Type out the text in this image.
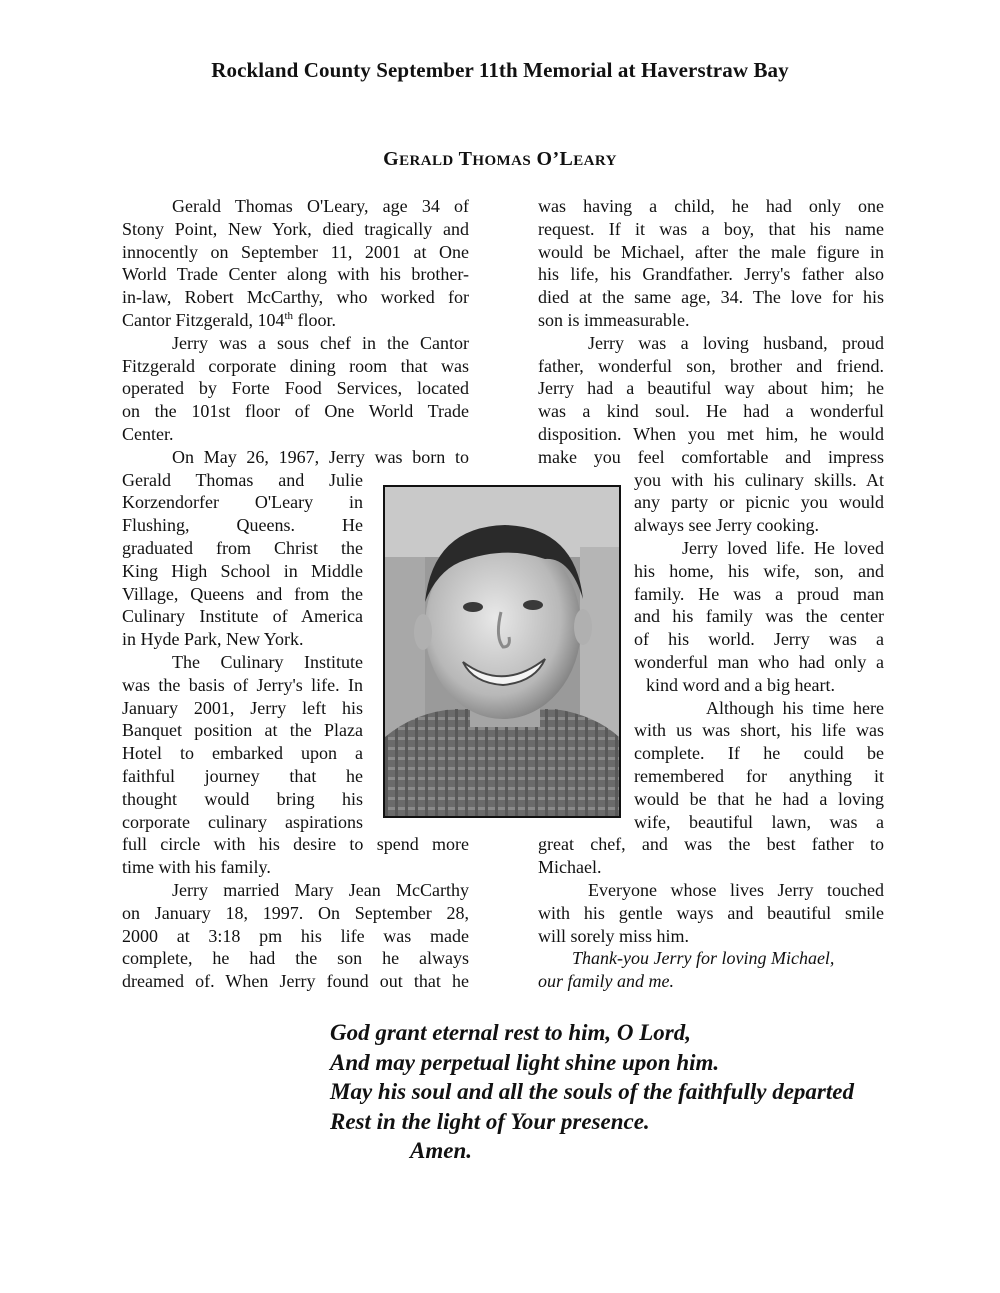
Rockland County September 11th Memorial at Haverstraw Bay
GERALD THOMAS O’LEARY
Gerald Thomas O'Leary, age 34 of
Stony Point, New York, died tragically and
innocently on September 11, 2001 at One
World Trade Center along with his brother-
in-law, Robert McCarthy, who worked for
Cantor Fitzgerald, 104th floor.
Jerry was a sous chef in the Cantor
Fitzgerald corporate dining room that was
operated by Forte Food Services, located
on the 101st floor of One World Trade
Center.
On May 26, 1967, Jerry was born to
Gerald Thomas and Julie
Korzendorfer O'Leary in
Flushing, Queens. He
graduated from Christ the
King High School in Middle
Village, Queens and from the
Culinary Institute of America
in Hyde Park, New York.
The Culinary Institute
was the basis of Jerry's life. In
January 2001, Jerry left his
Banquet position at the Plaza
Hotel to embarked upon a
faithful journey that he
thought would bring his
corporate culinary aspirations
full circle with his desire to spend more
time with his family.
Jerry married Mary Jean McCarthy
on January 18, 1997. On September 28,
2000 at 3:18 pm his life was made
complete, he had the son he always
dreamed of. When Jerry found out that he
was having a child, he had only one
request. If it was a boy, that his name
would be Michael, after the male figure in
his life, his Grandfather. Jerry's father also
died at the same age, 34. The love for his
son is immeasurable.
Jerry was a loving husband, proud
father, wonderful son, brother and friend.
Jerry had a beautiful way about him; he
was a kind soul. He had a wonderful
disposition. When you met him, he would
make you feel comfortable and impress
you with his culinary skills. At
any party or picnic you would
always see Jerry cooking.
Jerry loved life. He loved
his home, his wife, son, and
family. He was a proud man
and his family was the center
of his world. Jerry was a
wonderful man who had only a
kind word and a big heart.
Although his time here
with us was short, his life was
complete. If he could be
remembered for anything it
would be that he had a loving
wife, beautiful lawn, was a
great chef, and was the best father to
Michael.
Everyone whose lives Jerry touched
with his gentle ways and beautiful smile
will sorely miss him.
Thank-you Jerry for loving Michael,
our family and me.
God grant eternal rest to him, O Lord,
And may perpetual light shine upon him.
May his soul and all the souls of the faithfully departed
Rest in the light of Your presence.
Amen.
